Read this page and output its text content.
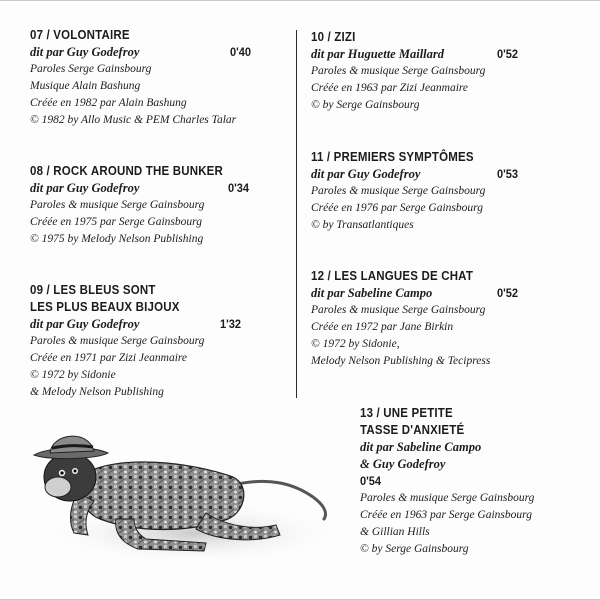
07 / VOLONTAIRE
dit par Guy Godefroy	0'40
Paroles Serge Gainsbourg
Musique Alain Bashung
Créée en 1982 par Alain Bashung
© 1982 by Allo Music & PEM Charles Talar
08 / ROCK AROUND THE BUNKER
dit par Guy Godefroy	0'34
Paroles & musique Serge Gainsbourg
Créée en 1975 par Serge Gainsbourg
© 1975 by Melody Nelson Publishing
09 / LES BLEUS SONT
LES PLUS BEAUX BIJOUX
dit par Guy Godefroy	1'32
Paroles & musique Serge Gainsbourg
Créée en 1971 par Zizi Jeanmaire
© 1972 by Sidonie
& Melody Nelson Publishing
10 / ZIZI
dit par Huguette Maillard	0'52
Paroles & musique Serge Gainsbourg
Créée en 1963 par Zizi Jeanmaire
© by Serge Gainsbourg
11 / PREMIERS SYMPTÔMES
dit par Guy Godefroy	0'53
Paroles & musique Serge Gainsbourg
Créée en 1976 par Serge Gainsbourg
© by Transatlantiques
12 / LES LANGUES DE CHAT
dit par Sabeline Campo	0'52
Paroles & musique Serge Gainsbourg
Créée en 1972 par Jane Birkin
© 1972 by Sidonie,
Melody Nelson Publishing & Tecipress
13 / UNE PETITE
TASSE D'ANXIETÉ
dit par Sabeline Campo
& Guy Godefroy
0'54
Paroles & musique Serge Gainsbourg
Créée en 1963 par Serge Gainsbourg
& Gillian Hills
© by Serge Gainsbourg
